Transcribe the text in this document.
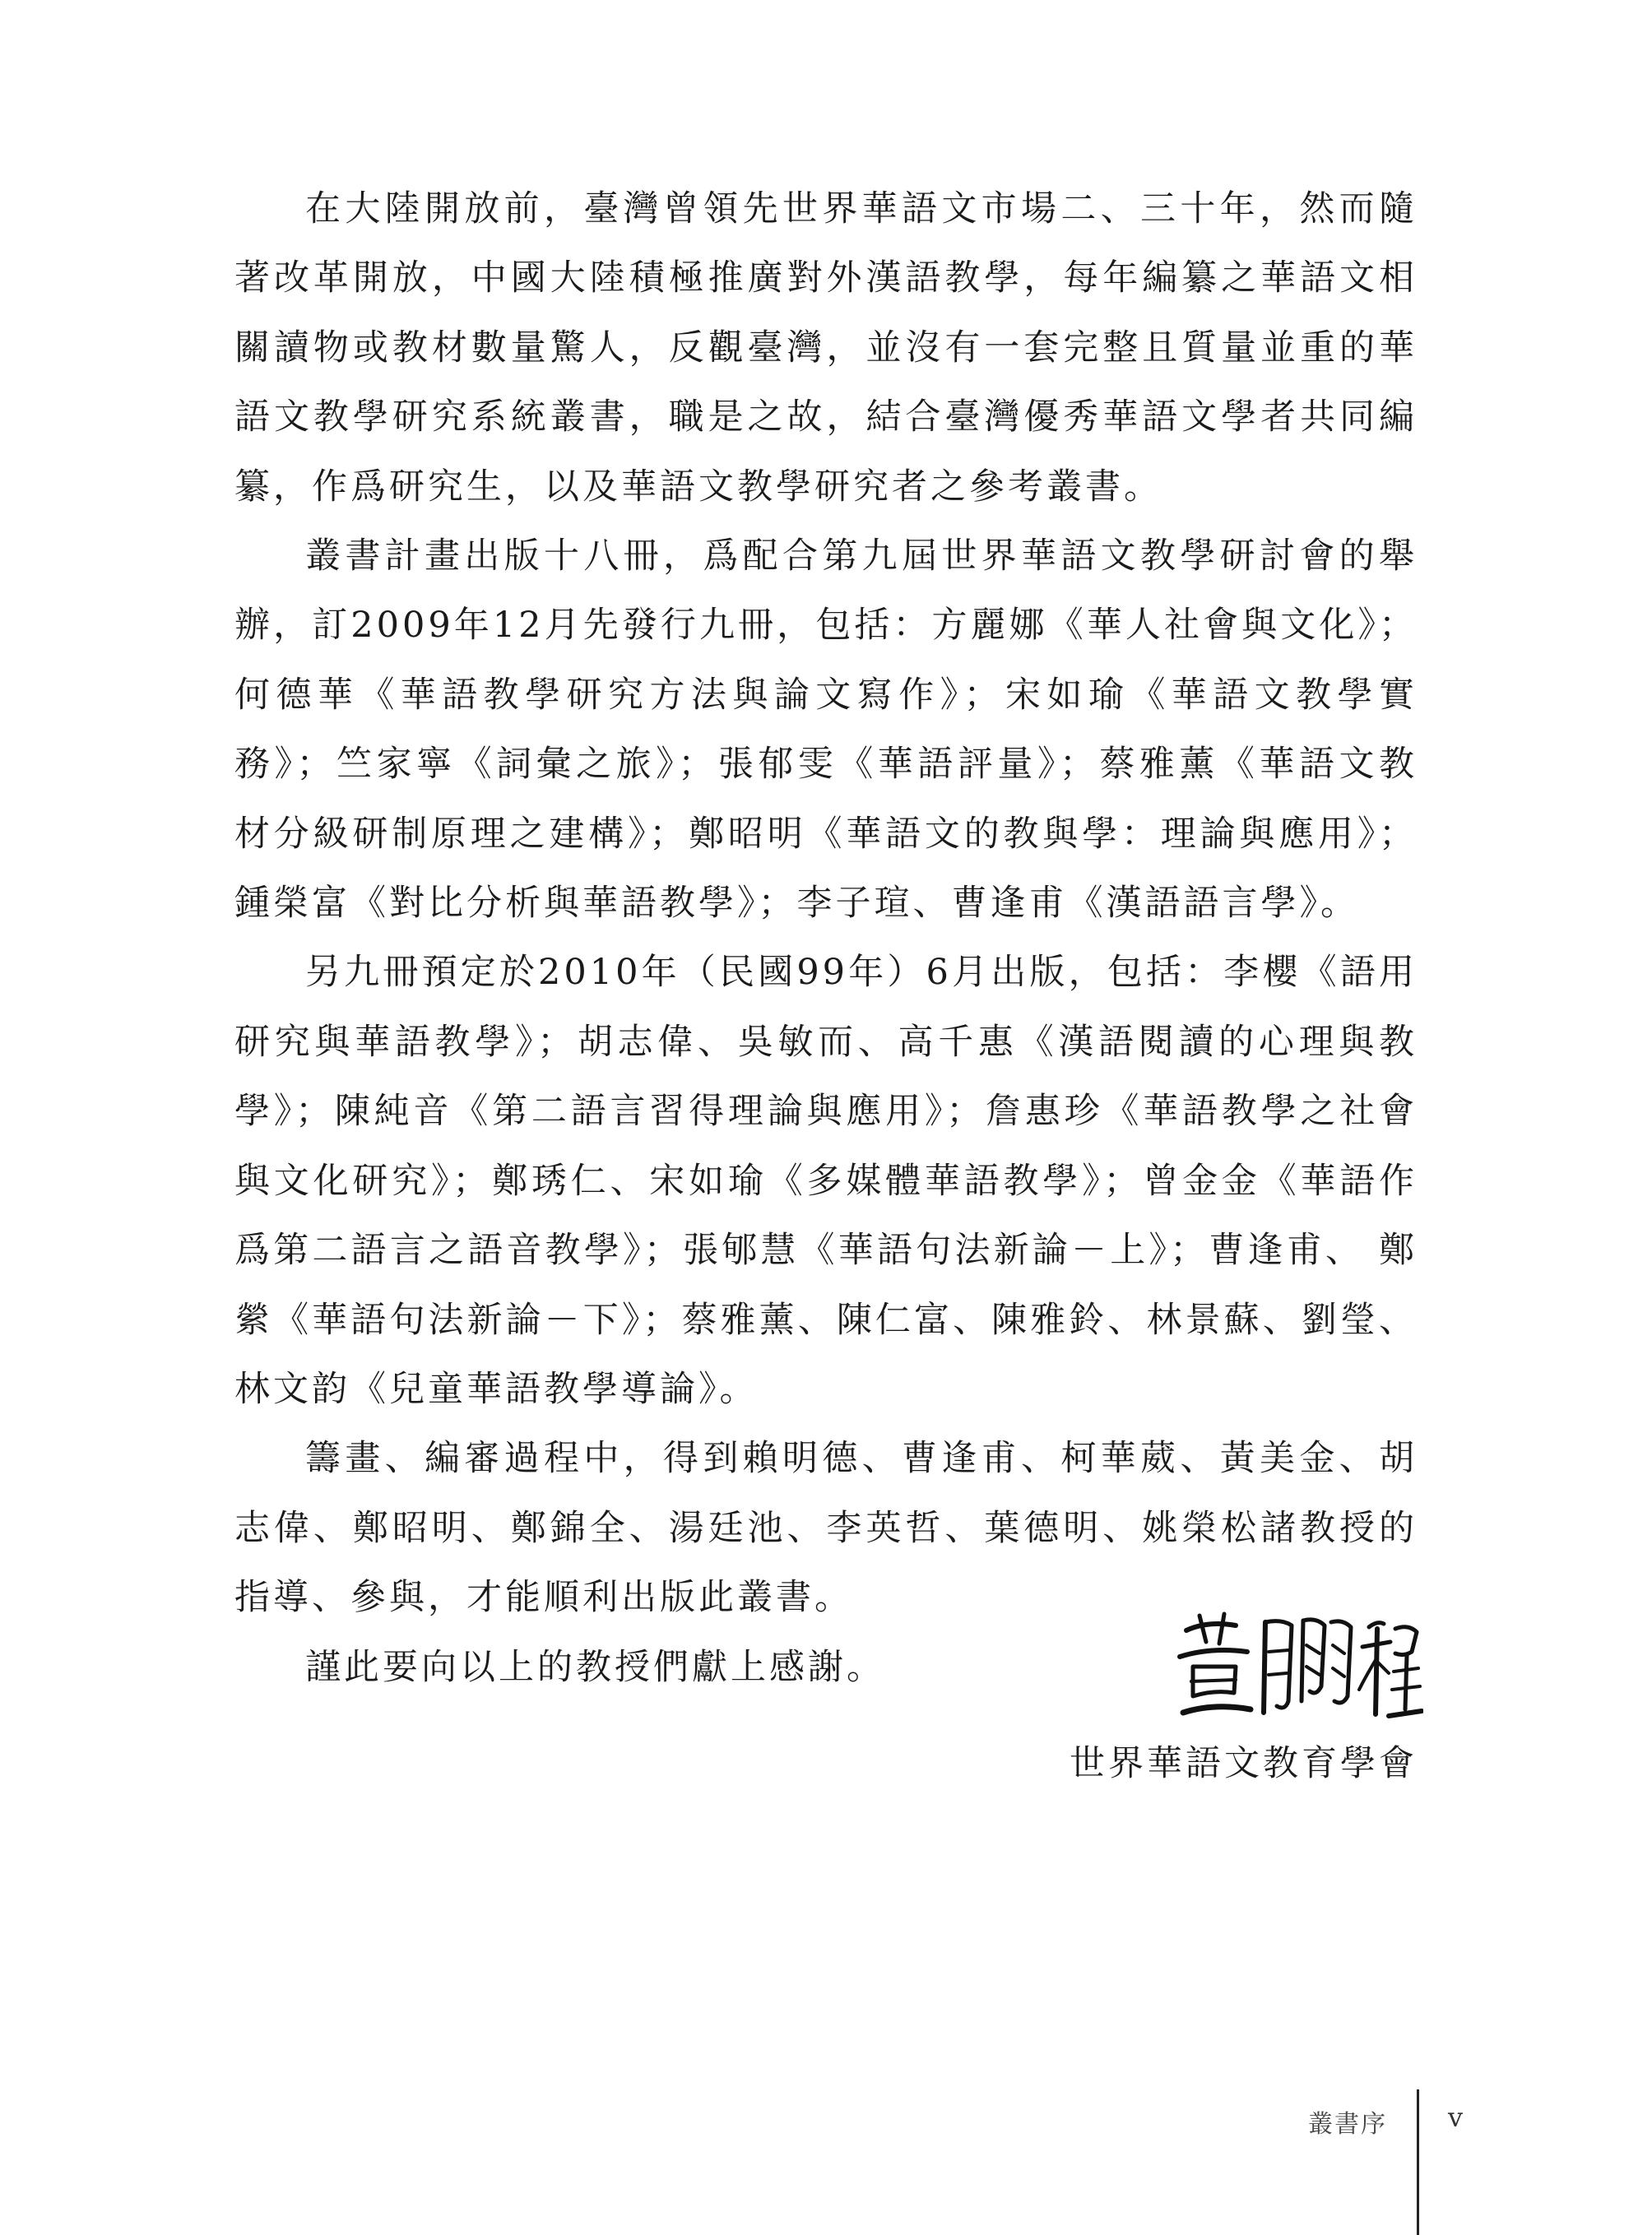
在大陸開放前，臺灣曾領先世界華語文市場二、三十年，然而隨著改革開放，中國大陸積極推廣對外漢語教學，每年編纂之華語文相關讀物或教材數量驚人，反觀臺灣，並沒有一套完整且質量並重的華語文教學研究系統叢書，職是之故，結合臺灣優秀華語文學者共同編纂，作爲研究生，以及華語文教學研究者之參考叢書。

叢書計畫出版十八冊，爲配合第九屆世界華語文教學研討會的舉辦，訂2009年12月先發行九冊，包括：方麗娜《華人社會與文化》；何德華《華語教學研究方法與論文寫作》；宋如瑜《華語文教學實務》；竺家寧《詞彙之旅》；張郁雯《華語評量》；蔡雅薰《華語文教材分級研制原理之建構》；鄭昭明《華語文的教與學：理論與應用》；鍾榮富《對比分析與華語教學》；李子瑄、曹逢甫《漢語語言學》。

另九冊預定於2010年（民國99年）6月出版，包括：李櫻《語用研究與華語教學》；胡志偉、吳敏而、高千惠《漢語閱讀的心理與教學》；陳純音《第二語言習得理論與應用》；詹惠珍《華語教學之社會與文化研究》；鄭琇仁、宋如瑜《多媒體華語教學》；曾金金《華語作爲第二語言之語音教學》；張郇慧《華語句法新論－上》；曹逢甫、 鄭縈《華語句法新論－下》；蔡雅薰、陳仁富、陳雅鈴、林景蘇、劉瑩、林文韵《兒童華語教學導論》。

籌畫、編審過程中，得到賴明德、曹逢甫、柯華葳、黃美金、胡志偉、鄭昭明、鄭錦全、湯廷池、李英哲、葉德明、姚榮松諸教授的指導、參與，才能順利出版此叢書。

謹此要向以上的教授們獻上感謝。

世界華語文教育學會
叢書序 v
